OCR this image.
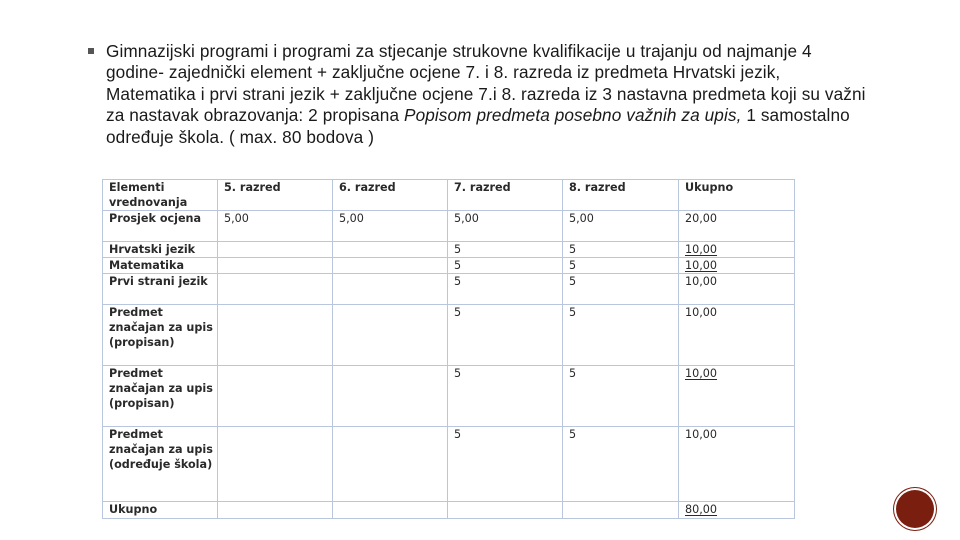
Gimnazijski programi i programi za stjecanje strukovne kvalifikacije u trajanju od najmanje 4 godine- zajednički element + zaključne ocjene 7. i 8. razreda iz predmeta Hrvatski jezik, Matematika i prvi strani jezik + zaključne ocjene 7.i 8. razreda iz 3 nastavna predmeta koji su važni za nastavak obrazovanja: 2 propisana Popisom predmeta posebno važnih za upis, 1 samostalno određuje škola. ( max. 80 bodova )
Elementi vrednovanja	5. razred	6. razred	7. razred	8. razred	Ukupno
Prosjek ocjena	5,00	5,00	5,00	5,00	20,00
Hrvatski jezik			5	5	10,00
Matematika			5	5	10,00
Prvi strani jezik			5	5	10,00
Predmet značajan za upis (propisan)			5	5	10,00
Predmet značajan za upis (propisan)			5	5	10,00
Predmet značajan za upis (određuje škola)			5	5	10,00
Ukupno					80,00
